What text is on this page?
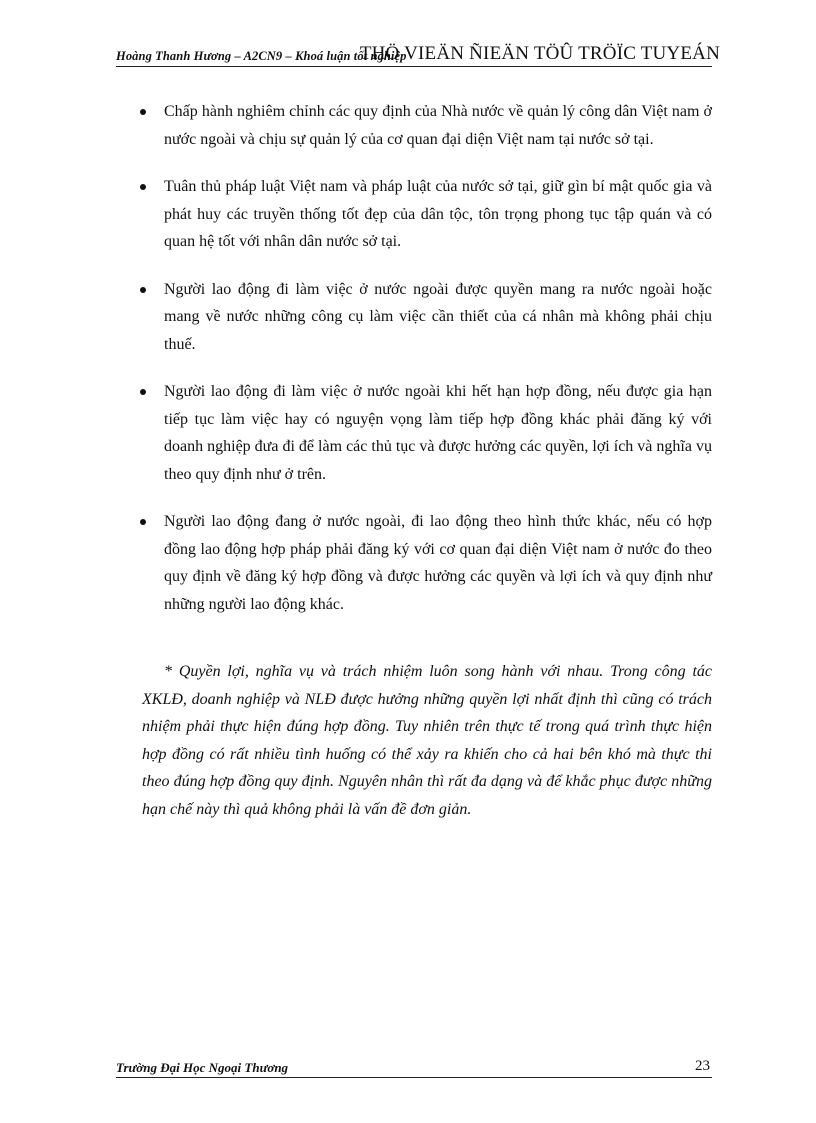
Hoàng Thanh Hương – A2CN9 – Khoá luận tốt nghiệp
THÖ VIEÄN ÑIEÄN TÖÛ TRÖÏC TUYEÁN
Chấp hành nghiêm chỉnh các quy định của Nhà nước về quản lý công dân Việt nam ở nước ngoài và chịu sự quản lý của cơ quan đại diện Việt nam tại nước sở tại.
Tuân thủ pháp luật Việt nam và pháp luật của nước sở tại, giữ gìn bí mật quốc gia và phát huy các truyền thống tốt đẹp của dân tộc, tôn trọng phong tục tập quán và có quan hệ tốt với nhân dân nước sở tại.
Người lao động đi làm việc ở nước ngoài được quyền mang ra nước ngoài hoặc mang về nước những công cụ làm việc cần thiết của cá nhân mà không phải chịu thuế.
Người lao động đi làm việc ở nước ngoài khi hết hạn hợp đồng, nếu được gia hạn tiếp tục làm việc hay có nguyện vọng làm tiếp hợp đồng khác phải đăng ký với doanh nghiệp đưa đi để làm các thủ tục và được hưởng các quyền, lợi ích và nghĩa vụ theo quy định như ở trên.
Người lao động đang ở nước ngoài, đi lao động theo hình thức khác, nếu có hợp đồng lao động hợp pháp phải đăng ký với cơ quan đại diện Việt nam ở nước đo theo quy định về đăng ký hợp đồng và được hưởng các quyền và lợi ích và quy định như những người lao động khác.

* Quyền lợi, nghĩa vụ và trách nhiệm luôn song hành với nhau. Trong công tác XKLĐ, doanh nghiệp và NLĐ được hưởng những quyền lợi nhất định thì cũng có trách nhiệm phải thực hiện đúng hợp đồng. Tuy nhiên trên thực tế trong quá trình thực hiện hợp đồng có rất nhiều tình huống có thể xảy ra khiến cho cả hai bên khó mà thực thi theo đúng hợp đồng quy định. Nguyên nhân thì rất đa dạng và để khắc phục được những hạn chế này thì quả không phải là vấn đề đơn giản.

Trường Đại Học Ngoại Thương	23
